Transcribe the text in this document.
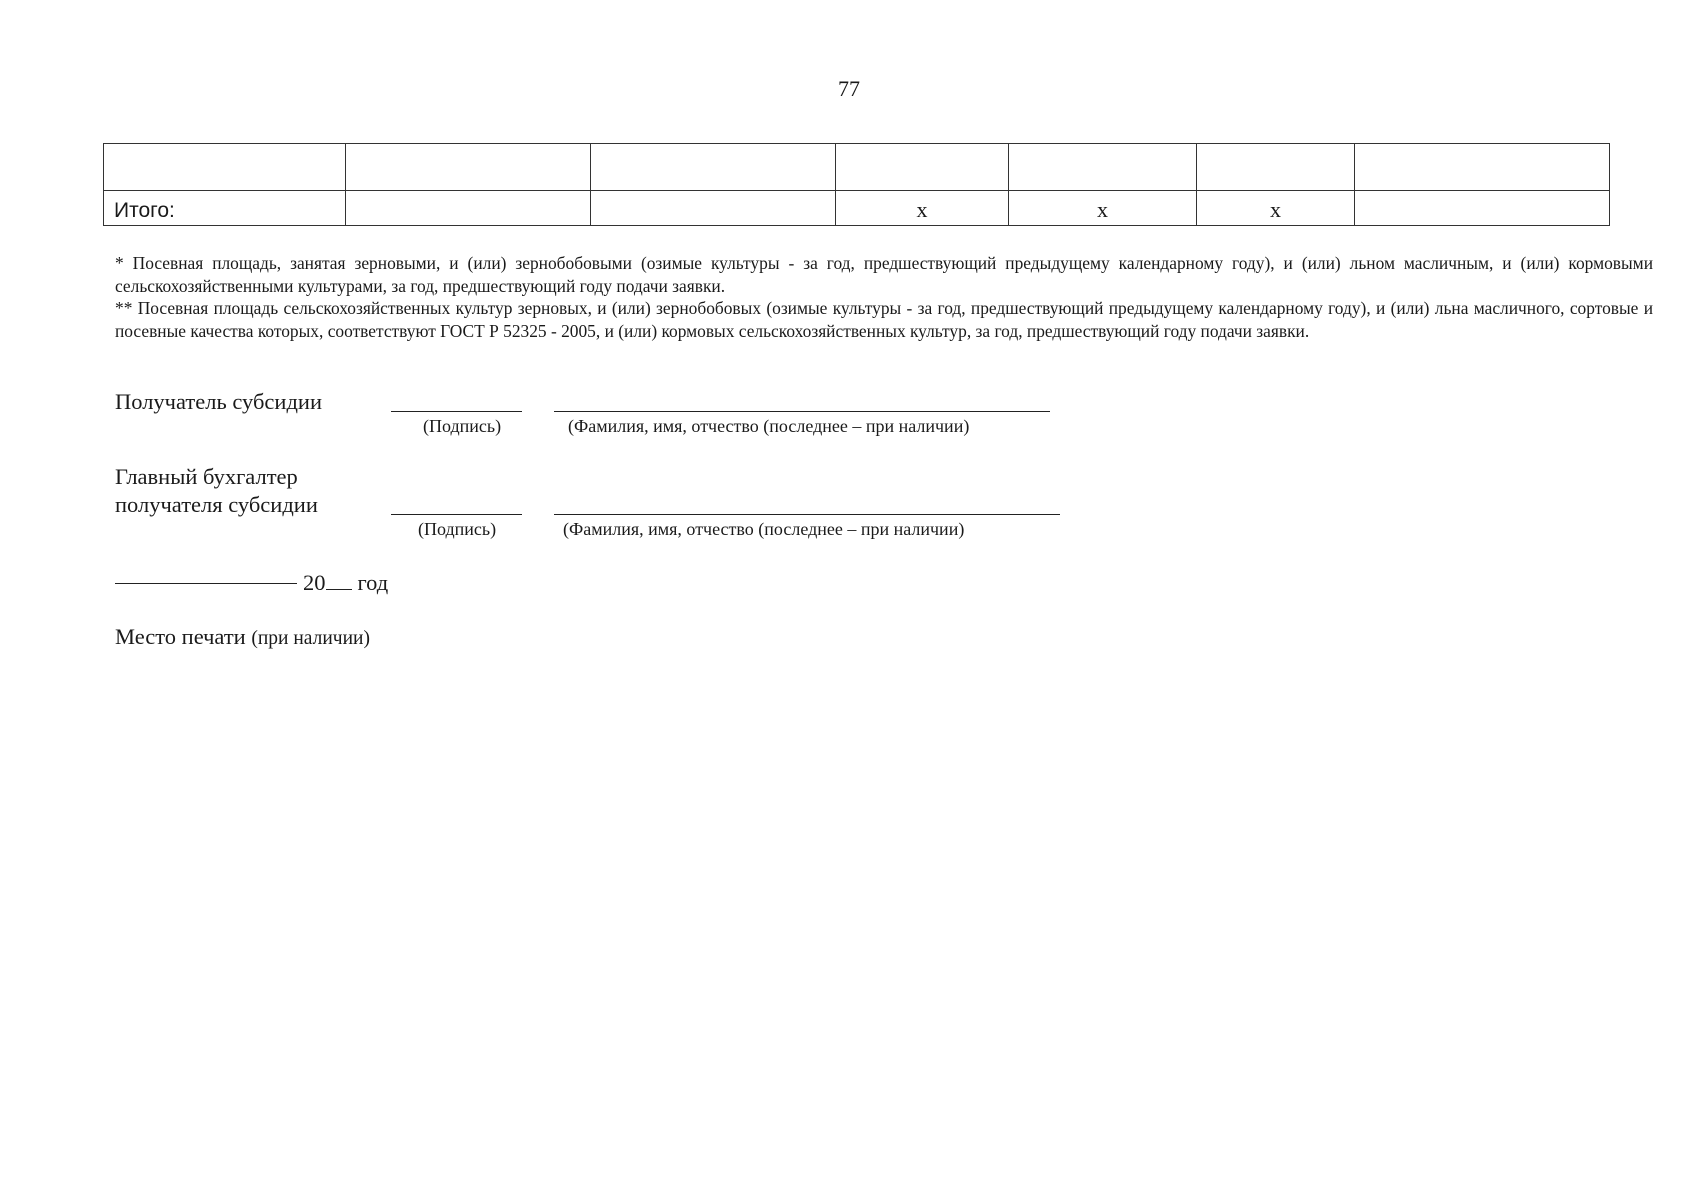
77

Итого:			х	х	х	

* Посевная площадь, занятая зерновыми, и (или) зернобобовыми (озимые культуры - за год, предшествующий предыдущему календарному году), и (или) льном масличным, и (или) кормовыми сельскохозяйственными культурами, за год, предшествующий году подачи заявки.

** Посевная площадь сельскохозяйственных культур зерновых, и (или) зернобобовых (озимые культуры - за год, предшествующий предыдущему календарному году), и (или) льна масличного, сортовые и посевные качества которых, соответствуют ГОСТ Р 52325 - 2005, и (или) кормовых сельскохозяйственных культур, за год, предшествующий году подачи заявки.

Получатель субсидии
(Подпись)	(Фамилия, имя, отчество (последнее – при наличии)
Главный бухгалтер
получателя субсидии
(Подпись)	(Фамилия, имя, отчество (последнее – при наличии)
20 год
Место печати (при наличии)
